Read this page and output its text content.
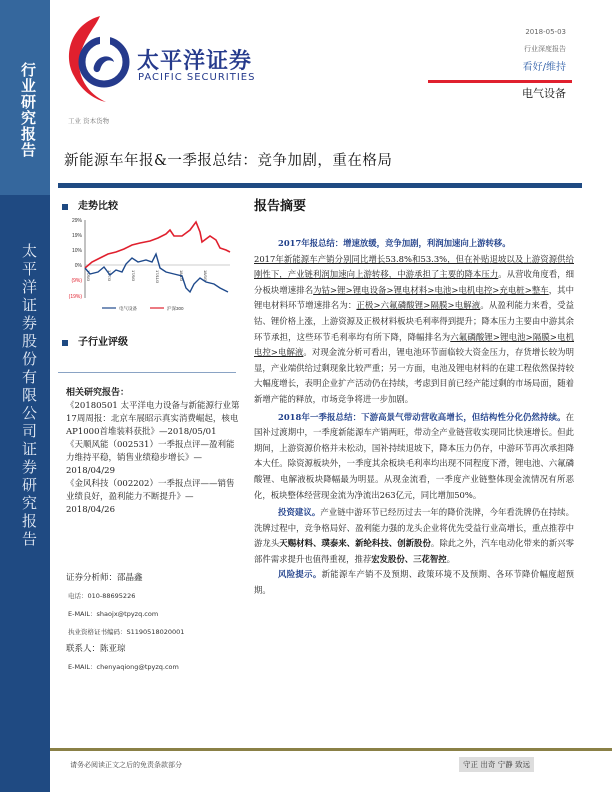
行业研究报告
太平洋证券股份有限公司证券研究报告
太平洋证券
PACIFIC SECURITIES
2018-05-03
行业深度报告
看好/维持
电气设备
工业 资本货物
新能源车年报&一季报总结：竞争加剧，重在格局
走势比较
29%
19%
10%
0%
(9%)
(19%)
17/5/3	17/7/3	17/9/3	17/11/3	18/1/3	18/3/3
电气设备	沪深300
子行业评级
相关研究报告：
《20180501 太平洋电力设备与新能源行业第17周周报：北京车展昭示真实消费崛起，核电AP1000首堆装料获批》—2018/05/01
《天顺风能（002531）一季报点评—盈利能力维持平稳，销售业绩稳步增长》—2018/04/29
《金风科技（002202）一季报点评——销售业绩良好，盈利能力不断提升》—2018/04/26
证券分析师：邵晶鑫
电话：010-88695226
E-MAIL：shaojx@tpyzq.com
执业资格证书编码：S1190518020001
联系人：陈亚琼
E-MAIL：chenyaqiong@tpyzq.com
报告摘要

2017年报总结：增速放缓，竞争加剧，利润加速向上游转移。
2017年新能源车产销分别同比增长53.8%和53.3%，但在补贴退坡以及上游资源供给刚性下，产业链利润加速向上游转移，中游承担了主要的降本压力。从营收角度看，细分板块增速排名为钴>锂>锂电设备>锂电材料>电池>电机电控>充电桩>整车，其中锂电材料环节增速排名为：正极>六氟磷酸锂>隔膜>电解液。从盈利能力来看，受益钴、锂价格上涨，上游资源及正极材料板块毛利率得到提升；降本压力主要由中游其余环节承担，这些环节毛利率均有所下降，降幅排名为六氟磷酸锂>锂电池>隔膜>电机电控>电解液。对现金流分析可看出，锂电池环节面临较大资金压力，存货增长较为明显，产业端供给过剩现象比较严重；另一方面，电池及锂电材料的在建工程依然保持较大幅度增长，表明企业扩产活动仍在持续，考虑到目前已经产能过剩的市场局面，随着新增产能的释放，市场竞争将进一步加剧。

2018年一季报总结：下游高景气带动营收高增长，但结构性分化仍然持续。在国补过渡期中，一季度新能源车产销两旺，带动全产业链营收实现同比快速增长。但此期间，上游资源价格并未松动，国补持续退坡下，降本压力仍存，中游环节再次承担降本大任。除资源板块外，一季度其余板块毛利率均出现不同程度下滑，锂电池、六氟磷酸锂、电解液板块降幅最为明显。从现金流看，一季度产业链整体现金流情况有所恶化，板块整体经营现金流为净流出263亿元，同比增加50%。

投资建议。产业链中游环节已经历过去一年的降价洗牌，今年看洗牌仍在持续。洗牌过程中，竞争格局好、盈利能力强的龙头企业将优先受益行业高增长，重点推荐中游龙头天赐材料、璞泰来、新纶科技、创新股份。除此之外，汽车电动化带来的新兴零部件需求提升也值得重视，推荐宏发股份、三花智控。

风险提示。新能源车产销不及预期、政策环境不及预期、各环节降价幅度超预期。

请务必阅读正文之后的免责条款部分	守正 出奇 宁静 致远
